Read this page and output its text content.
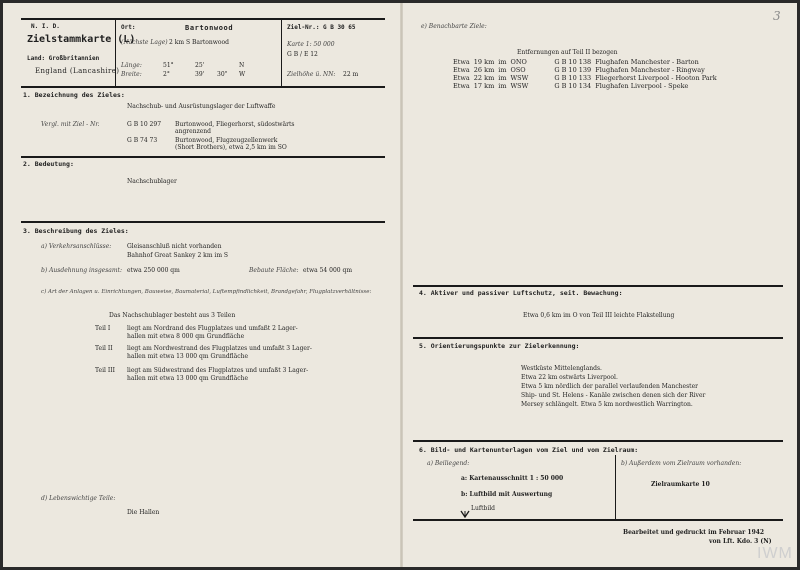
N. I. D.
Zielstammkarte (L)
Land: Großbritannien
England (Lancashire)
Ort:	Bartonwood
(Nächste Lage) 2 km S Bartonwood
Länge:	51°	25'	N
Breite:	2°	39' 30" W
Ziel-Nr.: G B 30 65
Karte 1: 50 000
G B / E 12
Zielhöhe ü. NN: 22 m
1. Bezeichnung des Zieles:
Nachschub- und Ausrüstungslager der Luftwaffe
Vergl. mit Ziel - Nr.	G B 10 297 Burtonwood, Fliegerhorst, südostwärts
angrenzend
G B 74 73	Burtonwood, Flugzeugzellenwerk
(Short Brothers), etwa 2,5 km im SO
2. Bedeutung:
Nachschublager
3. Beschreibung des Zieles:
a) Verkehrsanschlüsse:	Gleisanschluß nicht vorhanden
Bahnhof Great Sankey 2 km im S
b) Ausdehnung insgesamt: etwa 250 000 qm	Bebaute Fläche: etwa 54 000 qm
c) Art der Anlagen u. Einrichtungen, Bauweise, Baumaterial, Luftempfindlichkeit, Brandgefahr, Flugplatzverhältnisse:
Das Nachschublager besteht aus 3 Teilen
Teil I	liegt am Nordrand des Flugplatzes und umfaßt 2 Lager-
hallen mit etwa 8 000 qm Grundfläche
Teil II liegt am Nordwestrand des Flugplatzes und umfaßt 3 Lager-
hallen mit etwa 13 000 qm Grundfläche
Teil III liegt am Südwestrand des Flugplatzes und umfaßt 3 Lager-
hallen mit etwa 13 000 qm Grundfläche
d) Lebenswichtige Teile:
Die Hallen
e) Benachbarte Ziele:
Entfernungen auf Teil II bezogen
Etwa	19 km	im	ONO	G B 10 138	Flughafen Manchester - Barton
Etwa	26 km	im	OSO	G B 10 139	Flughafen Manchester - Ringway
Etwa	22 km	im	WSW	G B 10 133	Fliegerhorst Liverpool - Hooton Park
Etwa	17 km	im	WSW	G B 10 134	Flughafen Liverpool - Speke
4. Aktiver und passiver Luftschutz, seit. Bewachung:
Etwa 0,6 km im O von Teil III leichte Flakstellung
5. Orientierungspunkte zur Zielerkennung:
Westküste Mittelenglands.
Etwa 22 km ostwärts Liverpool.
Etwa 5 km nördlich der parallel verlaufenden Manchester
Ship- und St. Helens - Kanäle zwischen denen sich der River
Mersey schlängelt. Etwa 5 km nordwestlich Warrington.
6. Bild- und Kartenunterlagen vom Ziel und vom Zielraum:
a) Beiliegend:
a: Kartenausschnitt 1 : 50 000
b: Luftbild mit Auswertung
Luftbild
b) Außerdem vom Zielraum vorhanden:
Zielraumkarte 10
Bearbeitet und gedruckt im Februar 1942
von Lft. Kdo. 3 (N)
3
IWM
